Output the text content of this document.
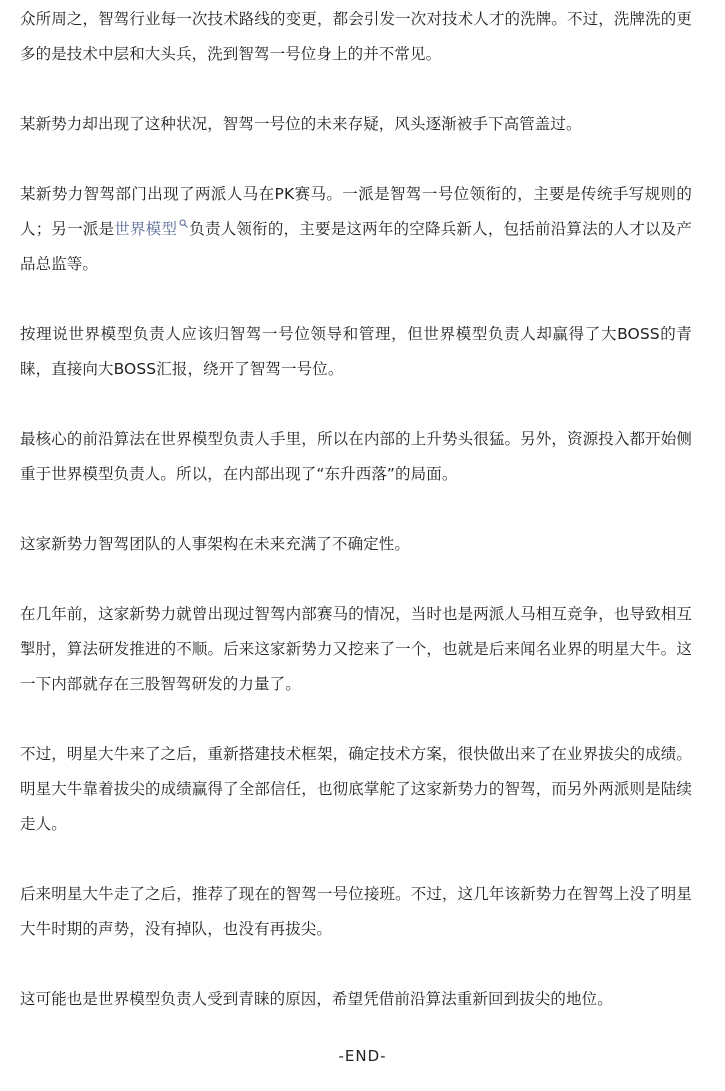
众所周之，智驾行业每一次技术路线的变更，都会引发一次对技术人才的洗牌。不过，洗牌洗的更多的是技术中层和大头兵，洗到智驾一号位身上的并不常见。

某新势力却出现了这种状况，智驾一号位的未来存疑，风头逐渐被手下高管盖过。

某新势力智驾部门出现了两派人马在PK赛马。一派是智驾一号位领衔的，主要是传统手写规则的人；另一派是世界模型 负责人领衔的，主要是这两年的空降兵新人，包括前沿算法的人才以及产品总监等。

按理说世界模型负责人应该归智驾一号位领导和管理，但世界模型负责人却赢得了大BOSS的青睐，直接向大BOSS汇报，绕开了智驾一号位。

最核心的前沿算法在世界模型负责人手里，所以在内部的上升势头很猛。另外，资源投入都开始侧重于世界模型负责人。所以，在内部出现了“东升西落”的局面。

这家新势力智驾团队的人事架构在未来充满了不确定性。

在几年前，这家新势力就曾出现过智驾内部赛马的情况，当时也是两派人马相互竞争，也导致相互掣肘，算法研发推进的不顺。后来这家新势力又挖来了一个，也就是后来闻名业界的明星大牛。这一下内部就存在三股智驾研发的力量了。

不过，明星大牛来了之后，重新搭建技术框架，确定技术方案，很快做出来了在业界拔尖的成绩。明星大牛靠着拔尖的成绩赢得了全部信任，也彻底掌舵了这家新势力的智驾，而另外两派则是陆续走人。

后来明星大牛走了之后，推荐了现在的智驾一号位接班。不过，这几年该新势力在智驾上没了明星大牛时期的声势，没有掉队，也没有再拔尖。

这可能也是世界模型负责人受到青睐的原因，希望凭借前沿算法重新回到拔尖的地位。

-END-
